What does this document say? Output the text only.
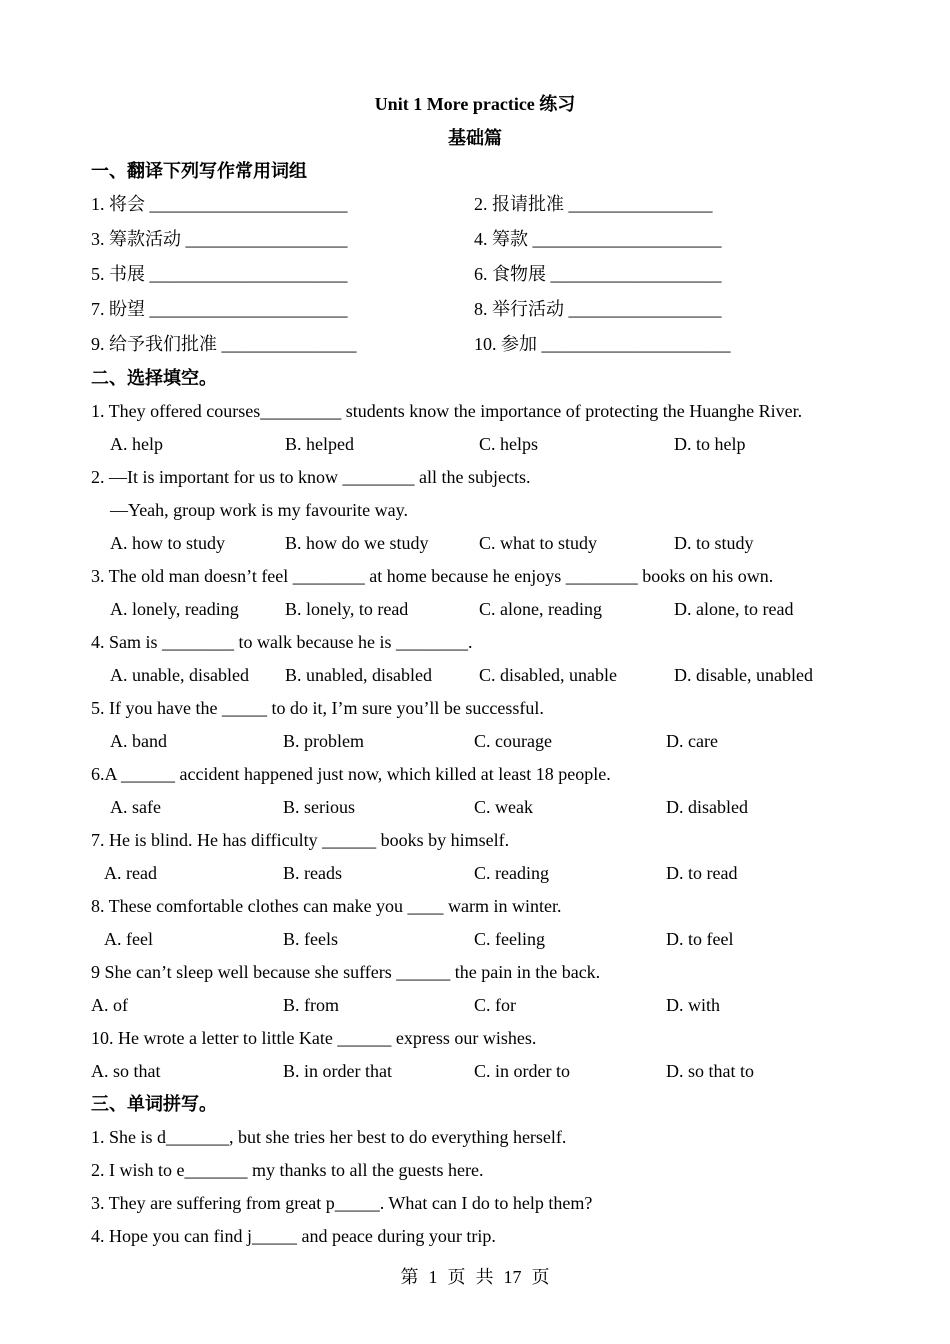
Unit 1 More practice 练习
基础篇
一、翻译下列写作常用词组
1. 将会 ______________________	2. 报请批准 ________________
3. 筹款活动 __________________	4. 筹款 _____________________
5. 书展 ______________________	6. 食物展 ___________________
7. 盼望 ______________________	8. 举行活动 _________________
9. 给予我们批准 _______________	10. 参加 _____________________
二、选择填空。
1. They offered courses_________ students know the importance of protecting the Huanghe River.
A. help	B. helped	C. helps	D. to help
2. —It is important for us to know ________ all the subjects.
—Yeah, group work is my favourite way.
A. how to study	B. how do we study	C. what to study	D. to study
3. The old man doesn’t feel ________ at home because he enjoys ________ books on his own.
A. lonely, reading	B. lonely, to read	C. alone, reading	D. alone, to read
4. Sam is ________ to walk because he is ________.
A. unable, disabled B. unabled, disabled	C. disabled, unable	D. disable, unabled
5. If you have the _____ to do it, I’m sure you’ll be successful.
A. band	B. problem	C. courage	D. care
6.A ______ accident happened just now, which killed at least 18 people.
A. safe	B. serious	C. weak	D. disabled
7. He is blind. He has difficulty ______ books by himself.
A. read	B. reads	C. reading	D. to read
8. These comfortable clothes can make you ____ warm in winter.
A. feel	B. feels	C. feeling	D. to feel
9 She can’t sleep well because she suffers ______ the pain in the back.
A. of	B. from	C. for	D. with
10. He wrote a letter to little Kate ______ express our wishes.
A. so that	B. in order that	C. in order to	D. so that to
三、单词拼写。
1. She is d_______, but she tries her best to do everything herself.
2. I wish to e_______ my thanks to all the guests here.
3. They are suffering from great p_____. What can I do to help them?
4. Hope you can find j_____ and peace during your trip.
第 1 页 共 17 页
